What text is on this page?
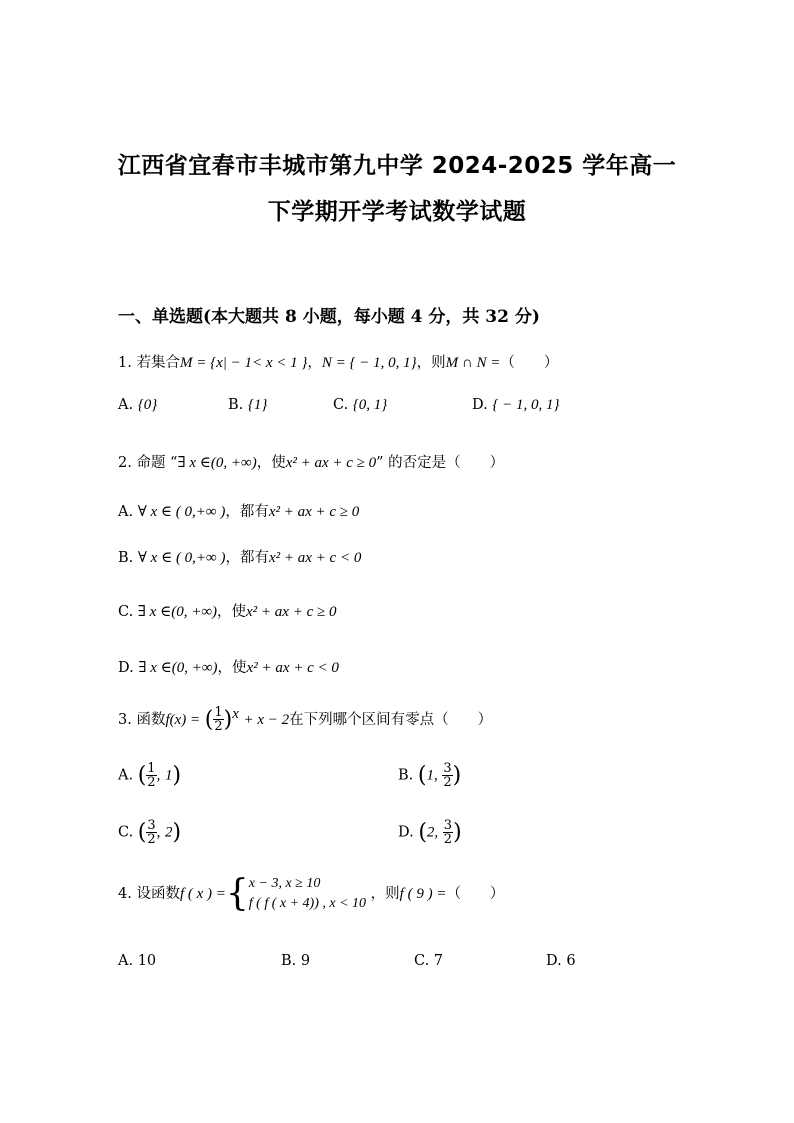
江西省宜春市丰城市第九中学 2024-2025 学年高一
下学期开学考试数学试题
一、单选题(本大题共 8 小题，每小题 4 分，共 32 分)
1. 若集合M = {x| − 1< x < 1 }，N = { − 1, 0, 1}，则M ∩ N =（　　）
A. {0}	B. {1}	C. {0, 1}	D. { − 1, 0, 1}
2. 命题 “∃ x ∈(0, +∞)，使x² + ax + c ≥ 0” 的否定是（　　）
A. ∀ x ∈ ( 0,+∞ )，都有x² + ax + c ≥ 0
B. ∀ x ∈ ( 0,+∞ )，都有x² + ax + c < 0
C. ∃ x ∈(0, +∞)，使x² + ax + c ≥ 0
D. ∃ x ∈(0, +∞)，使x² + ax + c < 0
3. 函数f(x) = ( $\frac{1}{2} )^x + x - 2$在下列哪个区间有零点（　　）
A. ( $\frac{1}{2}$ , 1)	B. (1, $\frac{3}{2}$ )
C. ( $\frac{3}{2}$ , 2)	D. (2, $\frac{3}{2}$ )
4. 设函数f ( x ) ={ x − 3, x ≥ 10
f ( f ( x + 4)) , x < 10
，则f ( 9 ) =（　　）
A. 10	B. 9	C. 7	D. 6
